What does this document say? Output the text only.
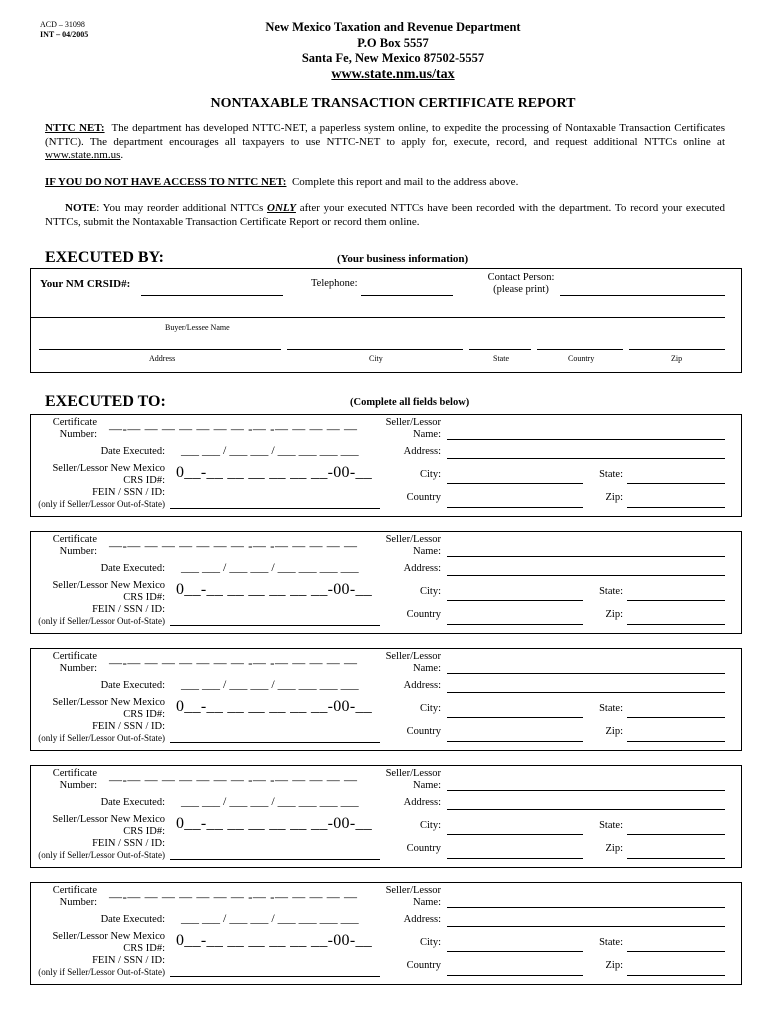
ACD – 31098
INT – 04/2005
New Mexico Taxation and Revenue Department
P.O Box 5557
Santa Fe, New Mexico 87502-5557
www.state.nm.us/tax
NONTAXABLE TRANSACTION CERTIFICATE REPORT
NTTC NET: The department has developed NTTC-NET, a paperless system online, to expedite the processing of Nontaxable Transaction Certificates (NTTC). The department encourages all taxpayers to use NTTC-NET to apply for, execute, record, and request additional NTTCs online at www.state.nm.us.
IF YOU DO NOT HAVE ACCESS TO NTTC NET: Complete this report and mail to the address above.
NOTE: You may reorder additional NTTCs ONLY after your executed NTTCs have been recorded with the department. To record your executed NTTCs, submit the Nontaxable Transaction Certificate Report or record them online.
EXECUTED BY:	(Your business information)
Your NM CRSID#:	Telephone:
Contact Person:
(please print)
Buyer/Lessee Name
Address	City	State	Country	Zip
EXECUTED TO:	(Complete all fields below)
Certificate
Number: —-— — — — — — — -— -— — — — —
Date Executed: ___ ___ / ___ ___ / ___ ___ ___ ___
Seller/Lessor New Mexico
CRS ID#: 0__-__ __ __ __ __ __-00-__
FEIN / SSN / ID:
(only if Seller/Lessor Out-of-State)
Seller/Lessor
Name:
Address:
City:	State:
Country	Zip:
Certificate
Number: —-— — — — — — — -— -— — — — —
Date Executed: ___ ___ / ___ ___ / ___ ___ ___ ___
Seller/Lessor New Mexico
CRS ID#: 0__-__ __ __ __ __ __-00-__
FEIN / SSN / ID:
(only if Seller/Lessor Out-of-State)
Seller/Lessor
Name:
Address:
City:	State:
Country	Zip:
Certificate
Number: —-— — — — — — — -— -— — — — —
Date Executed: ___ ___ / ___ ___ / ___ ___ ___ ___
Seller/Lessor New Mexico
CRS ID#: 0__-__ __ __ __ __ __-00-__
FEIN / SSN / ID:
(only if Seller/Lessor Out-of-State)
Seller/Lessor
Name:
Address:
City:	State:
Country	Zip:
Certificate
Number: —-— — — — — — — -— -— — — — —
Date Executed: ___ ___ / ___ ___ / ___ ___ ___ ___
Seller/Lessor New Mexico
CRS ID#: 0__-__ __ __ __ __ __-00-__
FEIN / SSN / ID:
(only if Seller/Lessor Out-of-State)
Seller/Lessor
Name:
Address:
City:	State:
Country	Zip:
Certificate
Number: —-— — — — — — — -— -— — — — —
Date Executed: ___ ___ / ___ ___ / ___ ___ ___ ___
Seller/Lessor New Mexico
CRS ID#: 0__-__ __ __ __ __ __-00-__
FEIN / SSN / ID:
(only if Seller/Lessor Out-of-State)
Seller/Lessor
Name:
Address:
City:	State:
Country	Zip:
